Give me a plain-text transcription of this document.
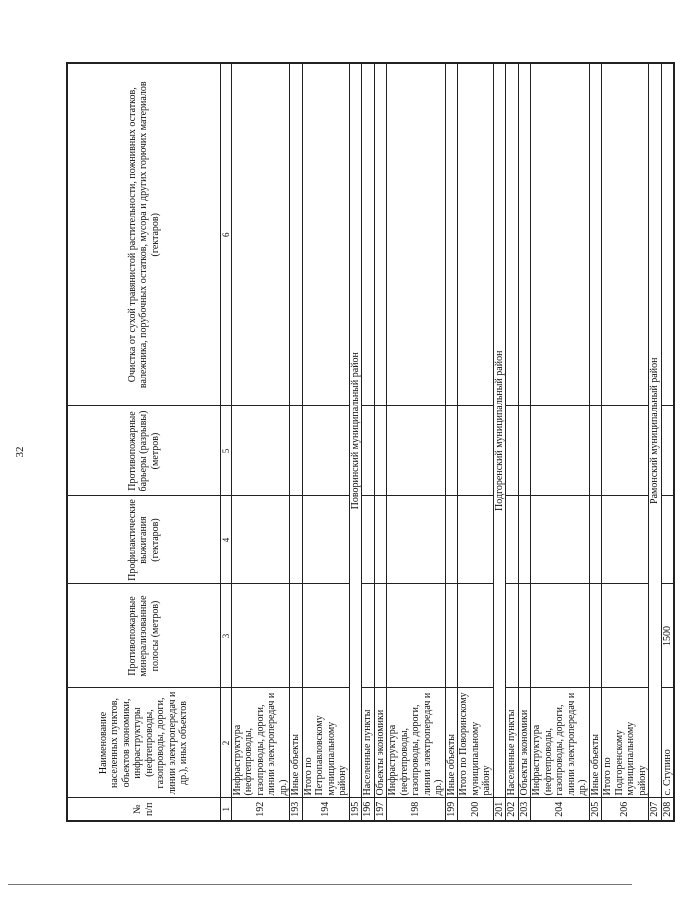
32
№
п/п	Наименование населенных пунктов, объектов экономики, инфраструктуры (нефтепроводы, газопроводы, дороги, линии электропередач и др.), иных объектов	Противопожарные минерализованные полосы (метров)	Профилактические выжигания (гектаров)	Противопожарные барьеры (разрывы) (метров)	Очистка от сухой травянистой растительности, пожнивных остатков, валежника, порубочных остатков, мусора и других горючих материалов (гектаров)
1	2	3	4	5	6
192	Инфраструктура (нефтепроводы, газопроводы, дороги, линии электропередач и др.)				
193	Иные объекты				
194	Итого по Петропавловскому муниципальному району				
195	Поворинский муниципальный район				
196	Населенные пункты				
197	Объекты экономики				
198	Инфраструктура (нефтепроводы, газопроводы, дороги, линии электропередач и др.)				
199	Иные объекты				
200	Итого по Поворинскому муниципальному району				
201	Подгоренский муниципальный район				
202	Населенные пункты				
203	Объекты экономики				
204	Инфраструктура (нефтепроводы, газопроводы, дороги, линии электропередач и др.)				
205	Иные объекты				
206	Итого по Подгоренскому муниципальному району				
207	Рамонский муниципальный район				
208	с. Ступино	1500			
